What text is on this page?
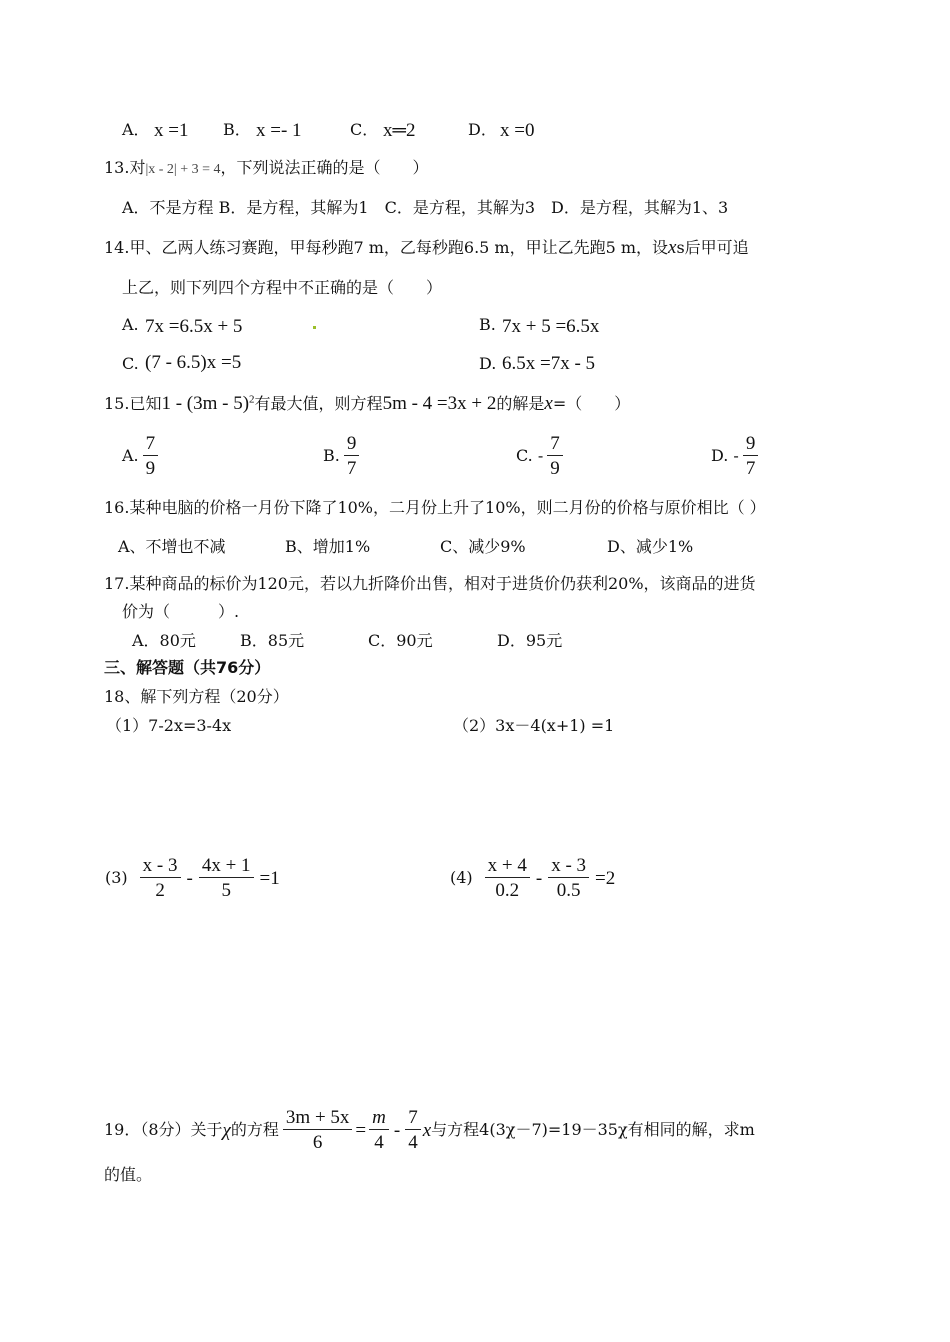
A． x =1 B． x =- 1	C． x═2	D． x =0
13.对|x - 2| + 3 = 4，下列说法正确的是（　　）
A．不是方程 B．是方程，其解为1　C．是方程，其解为3　D．是方程，其解为1、3
14.甲、乙两人练习赛跑，甲每秒跑7 m，乙每秒跑6.5 m，甲让乙先跑5 m，设xs后甲可追
上乙，则下列四个方程中不正确的是（　　）
A. 7x =6.5x + 5	B. 7x + 5 =6.5x
C. (7 - 6.5)x =5	D. 6.5x =7x - 5
15.已知1 - (3m - 5)$^2$有最大值，则方程5m - 4 =3x + 2的解是x=（　　）
A. $\frac{7}{9}$	B. $\frac{9}{7}$	C. - $\frac{7}{9}$	D. - $\frac{9}{7}$
16.某种电脑的价格一月份下降了10%，二月份上升了10%，则二月份的价格与原价相比（ ）
A、不增也不减	B、增加1%	C、减少9%	D、减少1%
17.某种商品的标价为120元，若以九折降价出售，相对于进货价仍获利20%，该商品的进货
价为（　　　）.
A．80元	B．85元	C．90元	D．95元
三、解答题（共76分）
18、解下列方程（20分）
（1）7-2x=3-4x	（2）3x－4(x+1) =1
$(3) \frac{x - 3}{2} - \frac{4x + 1}{5} =1$	$(4) \frac{x + 4}{0.2} - \frac{x - 3}{0.5} =2$
19．（8分）关于 χ 的方程 $\frac{3m + 5x}{6} = \frac{m}{4} - \frac{7}{4}$ x 与方程4(3χ－7)=19－35χ有相同的解，求m
的值。
